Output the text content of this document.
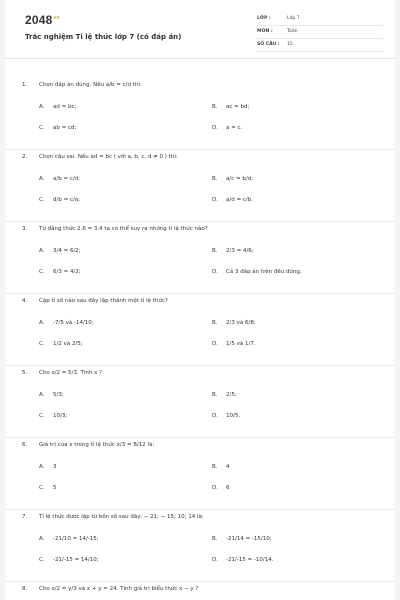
$2048^{vn}$
Trắc nghiệm Tỉ lệ thức lớp 7 (có đáp án)
LỚP :	Lớp 7
MÔN :	Toán
SỐ CÂU : 15
1. Chọn đáp án đúng. Nếu a/b = c/d thì:
A. ad = bc;	B. ac = bd;
C. ab = cd;	D. a = c.
2. Chọn câu sai. Nếu ad = bc ( với a, b, c, d ≠ 0 ) thì:
A. a/b = c/d;	B. a/c = b/d;
C. d/b = c/a;	D. a/d = c/b.
3. Từ đẳng thức 2.6 = 3.4 ta có thể suy ra những tỉ lệ thức nào?
A. 3/4 = 6/2;	B. 2/3 = 4/6;
C. 6/3 = 4/2;	D. Cả 3 đáp án trên đều đúng.
4. Cặp tỉ số nào sau đây lập thành một tỉ lệ thức?
A. -7/5 và -14/10;	B. 2/3 và 6/8;
C. 1/2 và 2/5;	D. 1/5 và 1/7.
5. Cho x/2 = 5/3. Tính x ?
A. 5/3;	B. 2/5;
C. 10/3;	D. 10/5.
6. Giá trị của x trong tỉ lệ thức x/3 = 8/12 là:
A. 3	B. 4
C. 5	D. 6
7. Tỉ lệ thức được lập từ bốn số sau đây: − 21; − 15; 10; 14 là:
A. -21/10 = 14/-15;	B. -21/14 = -15/10;
C. -21/-15 = 14/10;	D. -21/-15 = -10/14.
8. Cho x/2 = y/3 và x + y = 24. Tính giá trị biểu thức x − y ?
